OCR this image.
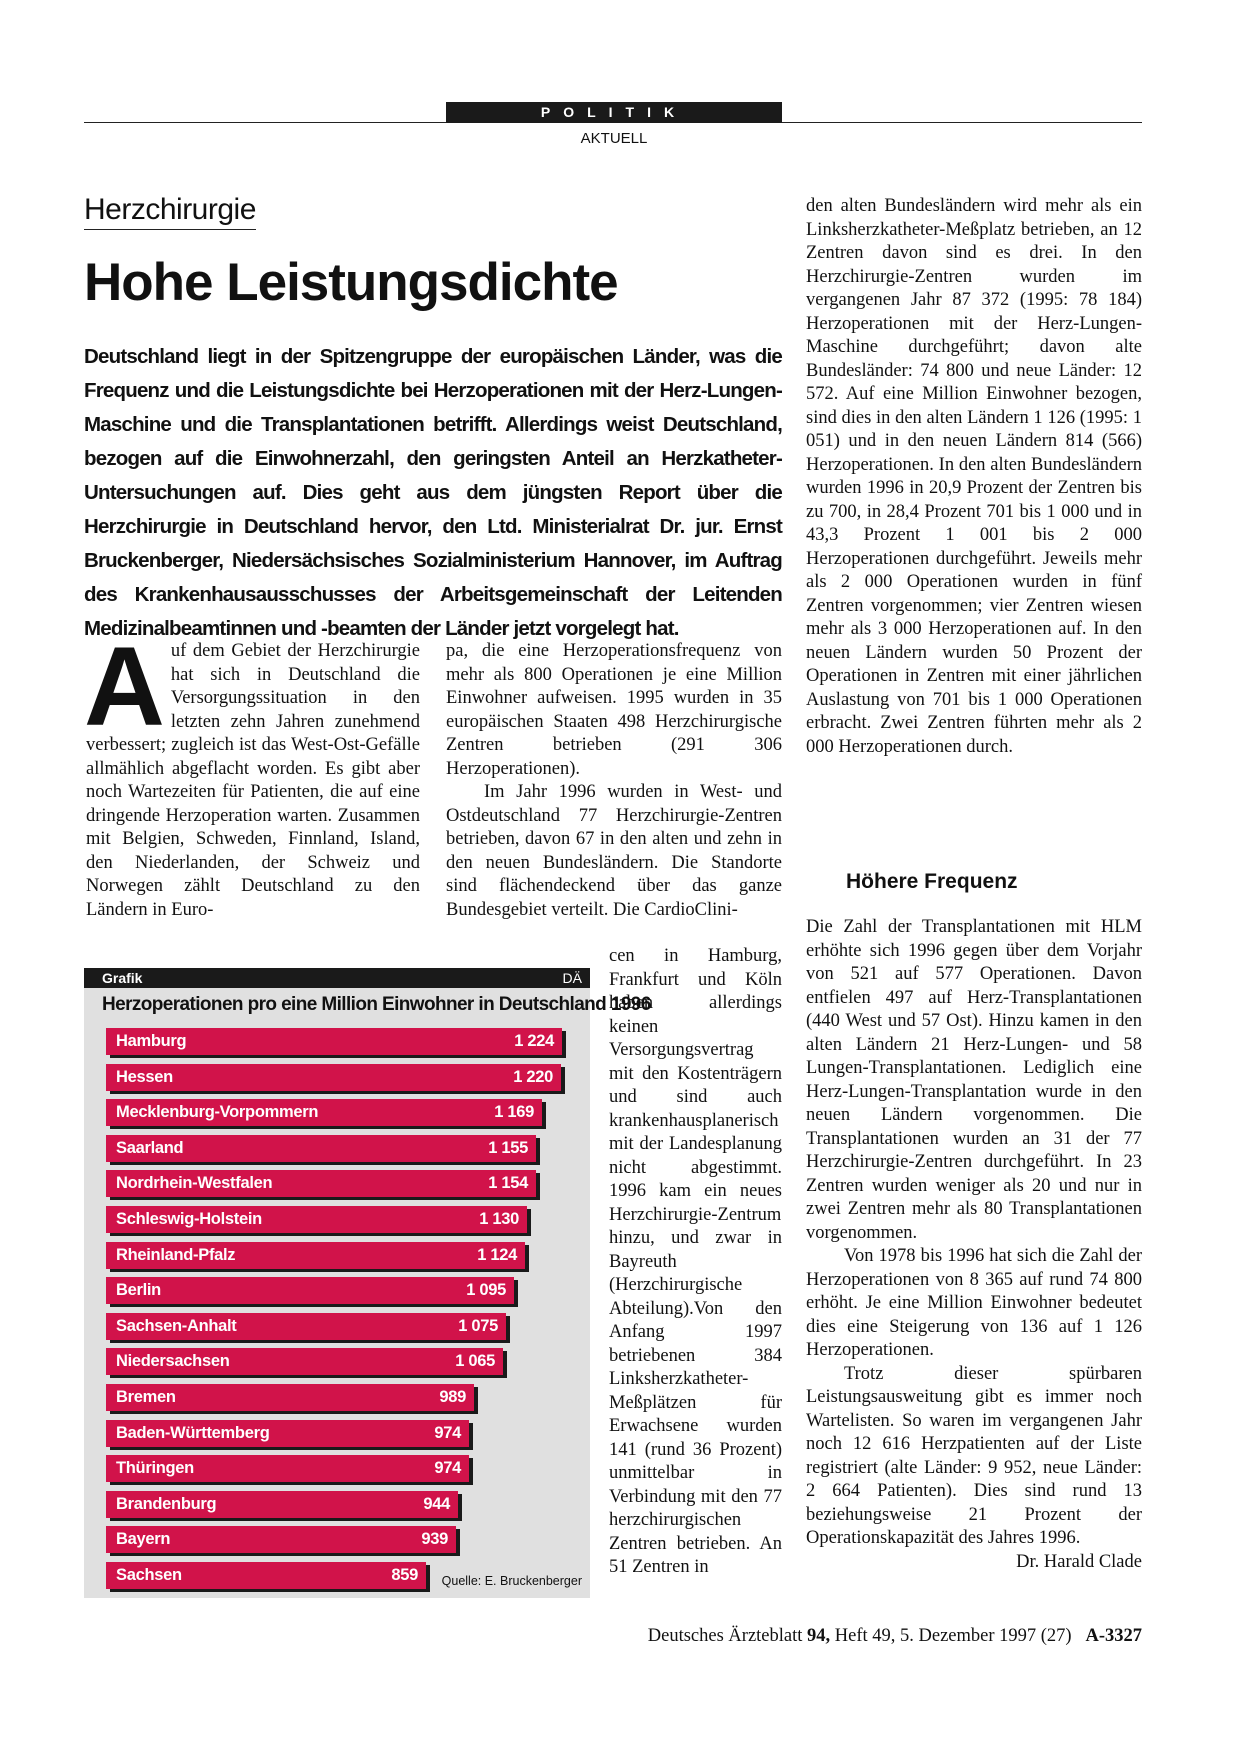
POLITIK
AKTUELL
Herzchirurgie
Hohe Leistungsdichte
Deutschland liegt in der Spitzengruppe der europäischen Länder, was die Frequenz und die Leistungsdichte bei Herzoperationen mit der Herz-Lungen-Maschine und die Transplantationen betrifft. Allerdings weist Deutschland, bezogen auf die Einwohnerzahl, den geringsten Anteil an Herzkatheter-Untersuchungen auf. Dies geht aus dem jüngsten Report über die Herzchirurgie in Deutschland hervor, den Ltd. Ministerialrat Dr. jur. Ernst Bruckenberger, Niedersächsisches Sozialministerium Hannover, im Auftrag des Krankenhausausschusses der Arbeitsgemeinschaft der Leitenden Medizinalbeamtinnen und -beamten der Länder jetzt vorgelegt hat.

Auf dem Gebiet der Herzchirurgie hat sich in Deutschland die Versorgungssituation in den letzten zehn Jahren zunehmend verbessert; zugleich ist das West-Ost-Gefälle allmählich abgeflacht worden. Es gibt aber noch Wartezeiten für Patienten, die auf eine dringende Herzoperation warten. Zusammen mit Belgien, Schweden, Finnland, Island, den Niederlanden, der Schweiz und Norwegen zählt Deutschland zu den Ländern in Euro-

pa, die eine Herzoperationsfrequenz von mehr als 800 Operationen je eine Million Einwohner aufweisen. 1995 wurden in 35 europäischen Staaten 498 Herzchirurgische Zentren betrieben (291 306 Herzoperationen).

Im Jahr 1996 wurden in West- und Ostdeutschland 77 Herzchirurgie-Zentren betrieben, davon 67 in den alten und zehn in den neuen Bundesländern. Die Standorte sind flächendeckend über das ganze Bundesgebiet verteilt. Die CardioClini-

cen in Hamburg, Frankfurt und Köln haben allerdings keinen Versorgungsvertrag mit den Kostenträgern und sind auch krankenhausplanerisch mit der Landesplanung nicht abgestimmt. 1996 kam ein neues Herzchirurgie-Zentrum hinzu, und zwar in Bayreuth (Herzchirurgische Abteilung).Von den Anfang 1997 betriebenen 384 Linksherzkatheter-Meßplätzen für Erwachsene wurden 141 (rund 36 Prozent) unmittelbar in Verbindung mit den 77 herzchirurgischen Zentren betrieben. An 51 Zentren in

den alten Bundesländern wird mehr als ein Linksherzkatheter-Meßplatz betrieben, an 12 Zentren davon sind es drei. In den Herzchirurgie-Zentren wurden im vergangenen Jahr 87 372 (1995: 78 184) Herzoperationen mit der Herz-Lungen-Maschine durchgeführt; davon alte Bundesländer: 74 800 und neue Länder: 12 572. Auf eine Million Einwohner bezogen, sind dies in den alten Ländern 1 126 (1995: 1 051) und in den neuen Ländern 814 (566) Herzoperationen. In den alten Bundesländern wurden 1996 in 20,9 Prozent der Zentren bis zu 700, in 28,4 Prozent 701 bis 1 000 und in 43,3 Prozent 1 001 bis 2 000 Herzoperationen durchgeführt. Jeweils mehr als 2 000 Operationen wurden in fünf Zentren vorgenommen; vier Zentren wiesen mehr als 3 000 Herzoperationen auf. In den neuen Ländern wurden 50 Prozent der Operationen in Zentren mit einer jährlichen Auslastung von 701 bis 1 000 Operationen erbracht. Zwei Zentren führten mehr als 2 000 Herzoperationen durch.

Höhere Frequenz

Die Zahl der Transplantationen mit HLM erhöhte sich 1996 gegen über dem Vorjahr von 521 auf 577 Operationen. Davon entfielen 497 auf Herz-Transplantationen (440 West und 57 Ost). Hinzu kamen in den alten Ländern 21 Herz-Lungen- und 58 Lungen-Transplantationen. Lediglich eine Herz-Lungen-Transplantation wurde in den neuen Ländern vorgenommen. Die Transplantationen wurden an 31 der 77 Herzchirurgie-Zentren durchgeführt. In 23 Zentren wurden weniger als 20 und nur in zwei Zentren mehr als 80 Transplantationen vorgenommen.

Von 1978 bis 1996 hat sich die Zahl der Herzoperationen von 8 365 auf rund 74 800 erhöht. Je eine Million Einwohner bedeutet dies eine Steigerung von 136 auf 1 126 Herzoperationen.

Trotz dieser spürbaren Leistungsausweitung gibt es immer noch Wartelisten. So waren im vergangenen Jahr noch 12 616 Herzpatienten auf der Liste registriert (alte Länder: 9 952, neue Länder: 2 664 Patienten). Dies sind rund 13 beziehungsweise 21 Prozent der Operationskapazität des Jahres 1996.
Dr. Harald Clade

Grafik	DÄ
Herzoperationen pro eine Million Einwohner in Deutschland 1996
Hamburg	1 224
Hessen	1 220
Mecklenburg-Vorpommern	1 169
Saarland	1 155
Nordrhein-Westfalen	1 154
Schleswig-Holstein	1 130
Rheinland-Pfalz	1 124
Berlin	1 095
Sachsen-Anhalt	1 075
Niedersachsen	1 065
Bremen	989
Baden-Württemberg	974
Thüringen	974
Brandenburg	944
Bayern	939
Sachsen	859 Quelle: E. Bruckenberger
Deutsches Ärzteblatt 94, Heft 49, 5. Dezember 1997 (27) A-3327
